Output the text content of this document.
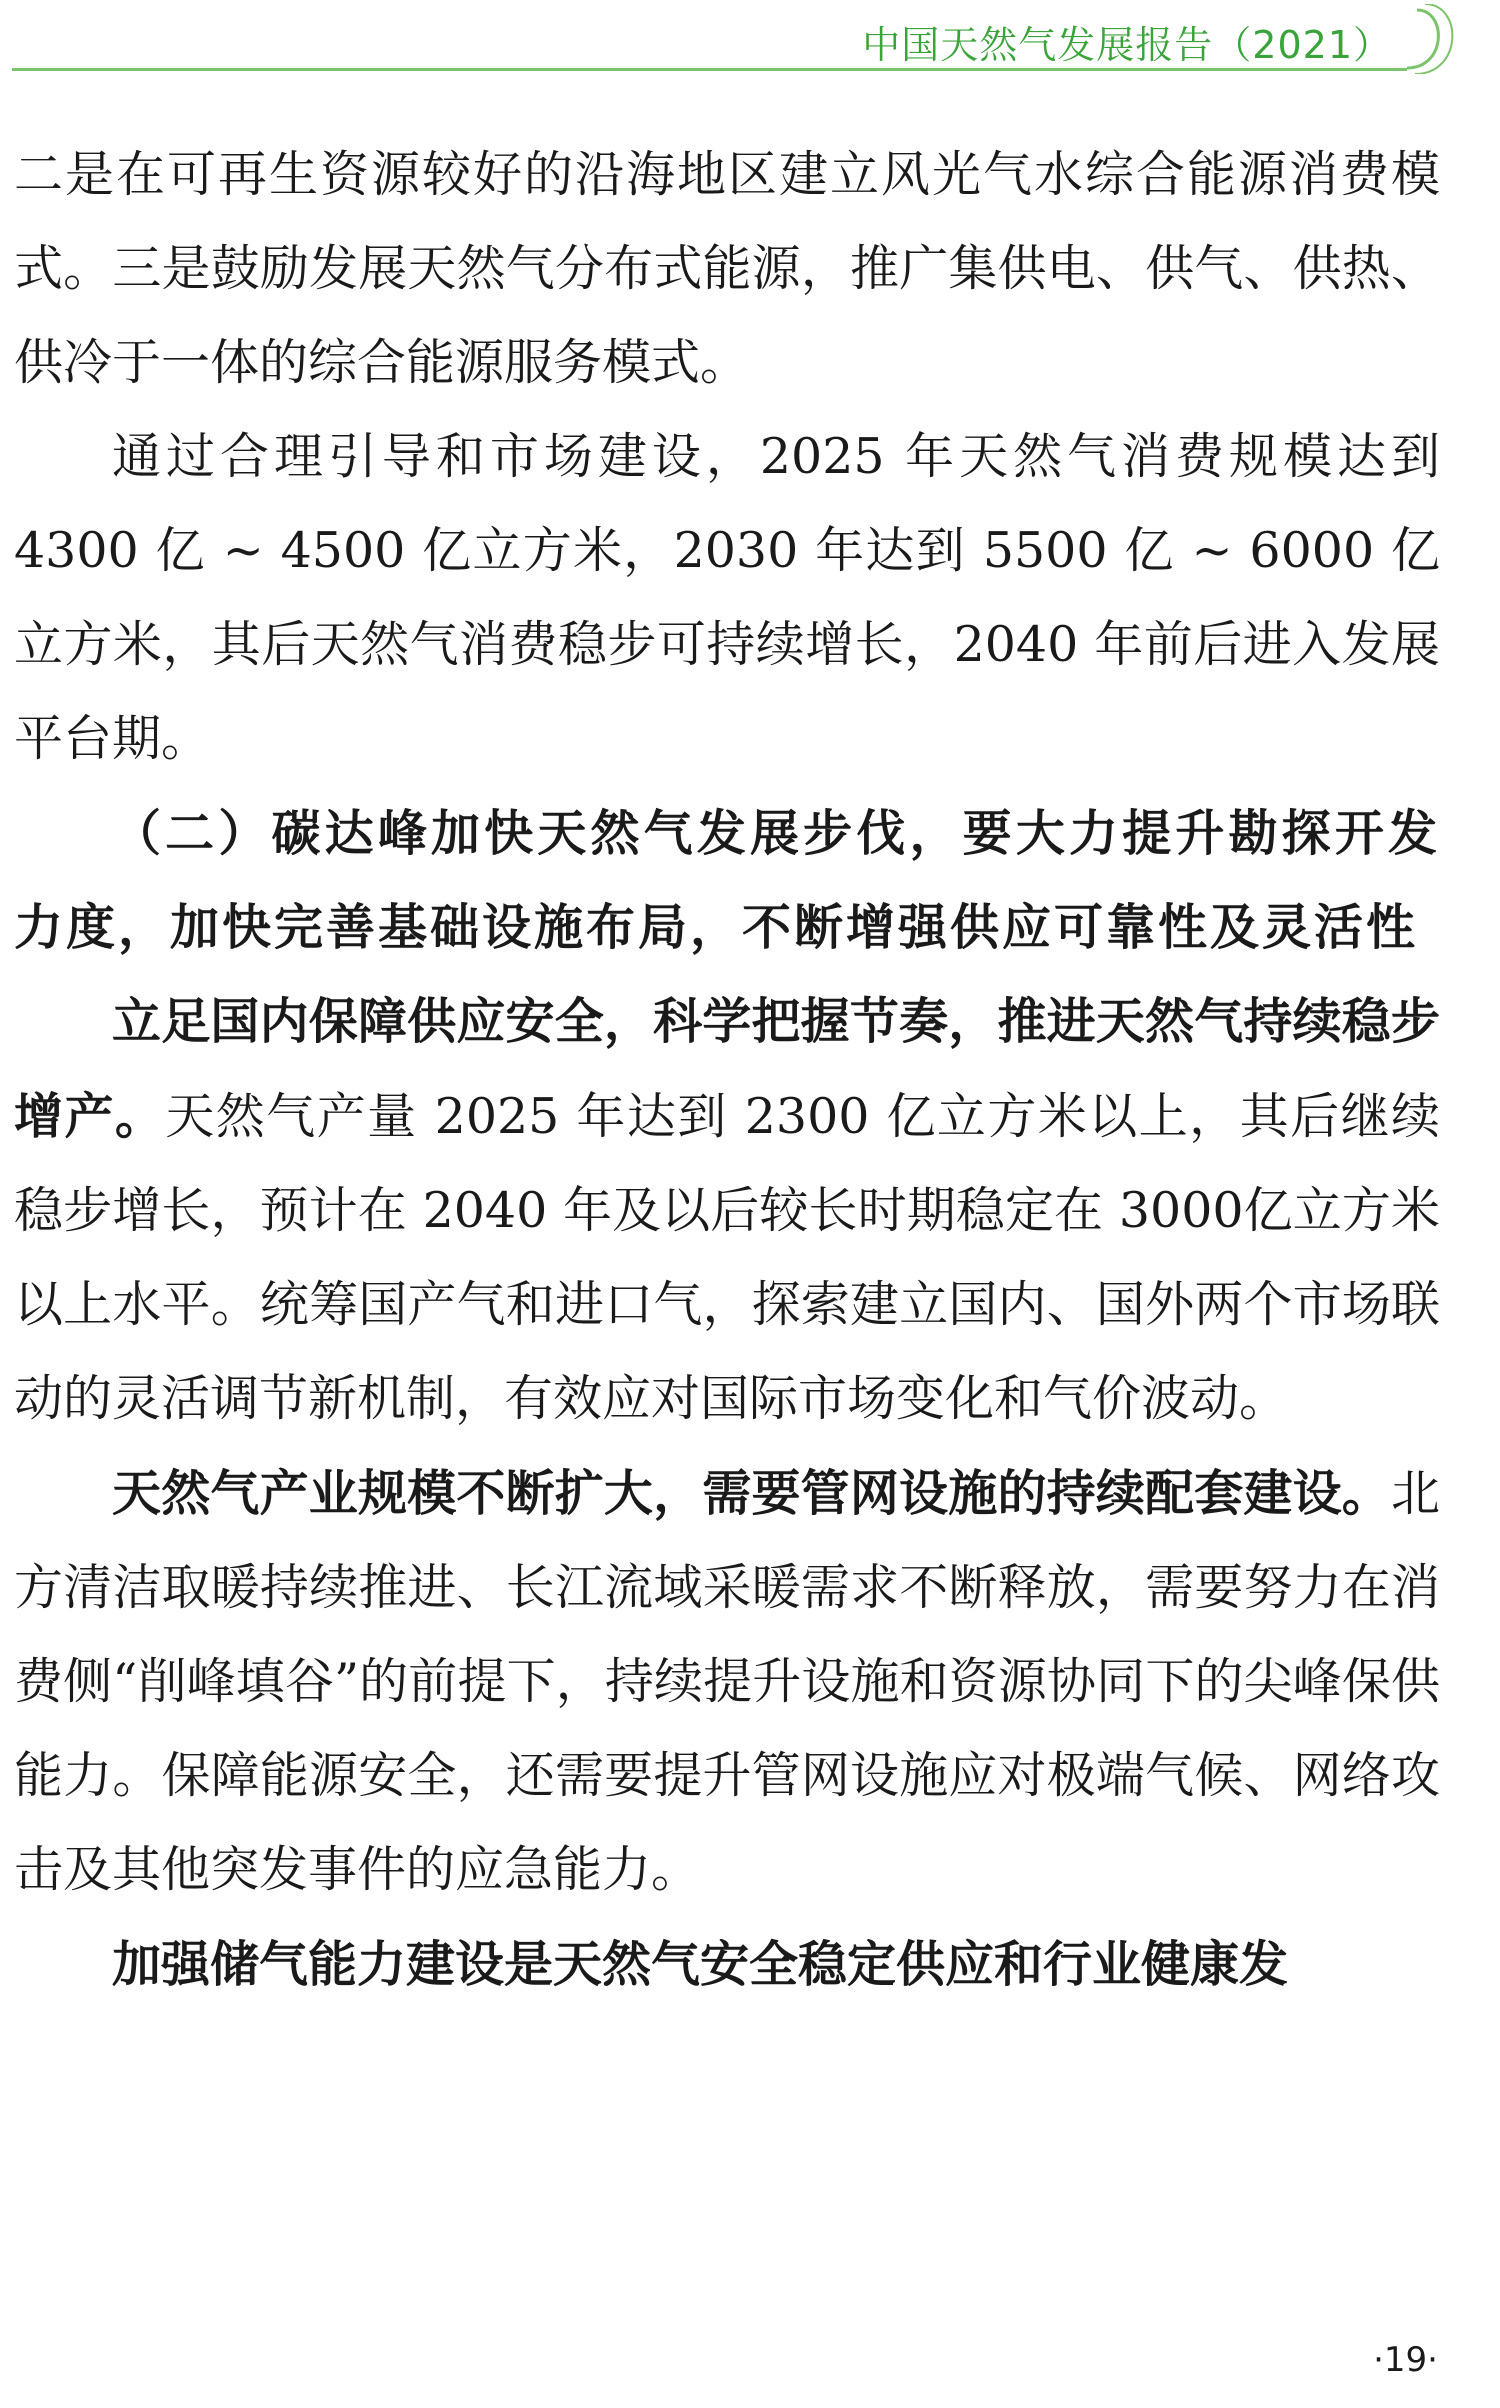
中国天然气发展报告（2021）

二是在可再生资源较好的沿海地区建立风光气水综合能源消费模式。三是鼓励发展天然气分布式能源，推广集供电、供气、供热、供冷于一体的综合能源服务模式。

通过合理引导和市场建设，2025 年天然气消费规模达到 4300 亿 ~ 4500 亿立方米，2030 年达到 5500 亿 ~ 6000 亿立方米，其后天然气消费稳步可持续增长，2040 年前后进入发展平台期。

（二）碳达峰加快天然气发展步伐，要大力提升勘探开发力度，加快完善基础设施布局，不断增强供应可靠性及灵活性

立足国内保障供应安全，科学把握节奏，推进天然气持续稳步增产。天然气产量 2025 年达到 2300 亿立方米以上，其后继续稳步增长，预计在 2040 年及以后较长时期稳定在 3000亿立方米以上水平。统筹国产气和进口气，探索建立国内、国外两个市场联动的灵活调节新机制，有效应对国际市场变化和气价波动。

天然气产业规模不断扩大，需要管网设施的持续配套建设。北方清洁取暖持续推进、长江流域采暖需求不断释放，需要努力在消费侧“削峰填谷”的前提下，持续提升设施和资源协同下的尖峰保供能力。保障能源安全，还需要提升管网设施应对极端气候、网络攻击及其他突发事件的应急能力。

加强储气能力建设是天然气安全稳定供应和行业健康发

·19·
